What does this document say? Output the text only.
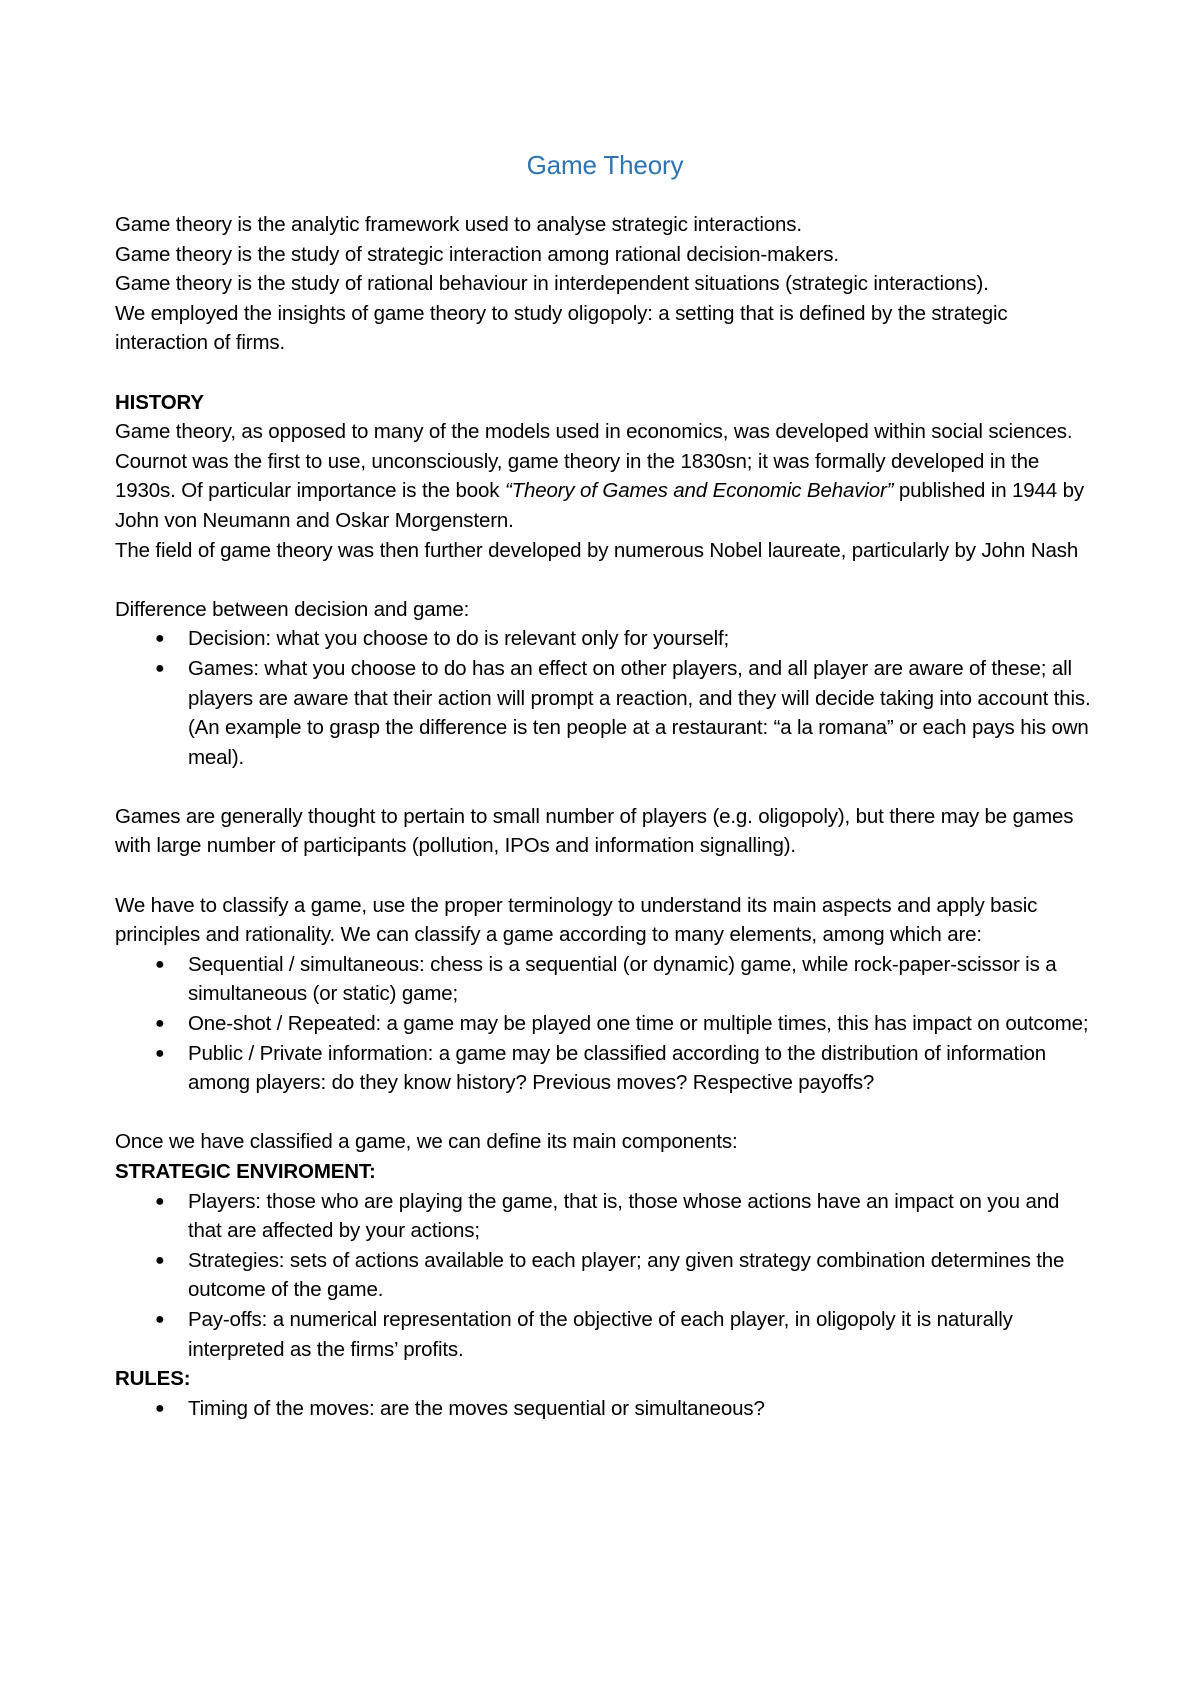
Game Theory

Game theory is the analytic framework used to analyse strategic interactions.

Game theory is the study of strategic interaction among rational decision-makers.

Game theory is the study of rational behaviour in interdependent situations (strategic interactions).

We employed the insights of game theory to study oligopoly: a setting that is defined by the strategic interaction of firms.

HISTORY

Game theory, as opposed to many of the models used in economics, was developed within social sciences. Cournot was the first to use, unconsciously, game theory in the 1830sn; it was formally developed in the 1930s. Of particular importance is the book “Theory of Games and Economic Behavior” published in 1944 by John von Neumann and Oskar Morgenstern.

The field of game theory was then further developed by numerous Nobel laureate, particularly by John Nash

Difference between decision and game:

● Decision: what you choose to do is relevant only for yourself;
● Games: what you choose to do has an effect on other players, and all player are aware of these; all players are aware that their action will prompt a reaction, and they will decide taking into account this. (An example to grasp the difference is ten people at a restaurant: “a la romana” or each pays his own meal).

Games are generally thought to pertain to small number of players (e.g. oligopoly), but there may be games with large number of participants (pollution, IPOs and information signalling).

We have to classify a game, use the proper terminology to understand its main aspects and apply basic principles and rationality. We can classify a game according to many elements, among which are:

● Sequential / simultaneous: chess is a sequential (or dynamic) game, while rock-paper-scissor is a simultaneous (or static) game;
● One-shot / Repeated: a game may be played one time or multiple times, this has impact on outcome;
● Public / Private information: a game may be classified according to the distribution of information among players: do they know history? Previous moves? Respective payoffs?

Once we have classified a game, we can define its main components:

STRATEGIC ENVIROMENT:

● Players: those who are playing the game, that is, those whose actions have an impact on you and that are affected by your actions;
● Strategies: sets of actions available to each player; any given strategy combination determines the outcome of the game.
● Pay-offs: a numerical representation of the objective of each player, in oligopoly it is naturally interpreted as the firms’ profits.

RULES:

● Timing of the moves: are the moves sequential or simultaneous?
